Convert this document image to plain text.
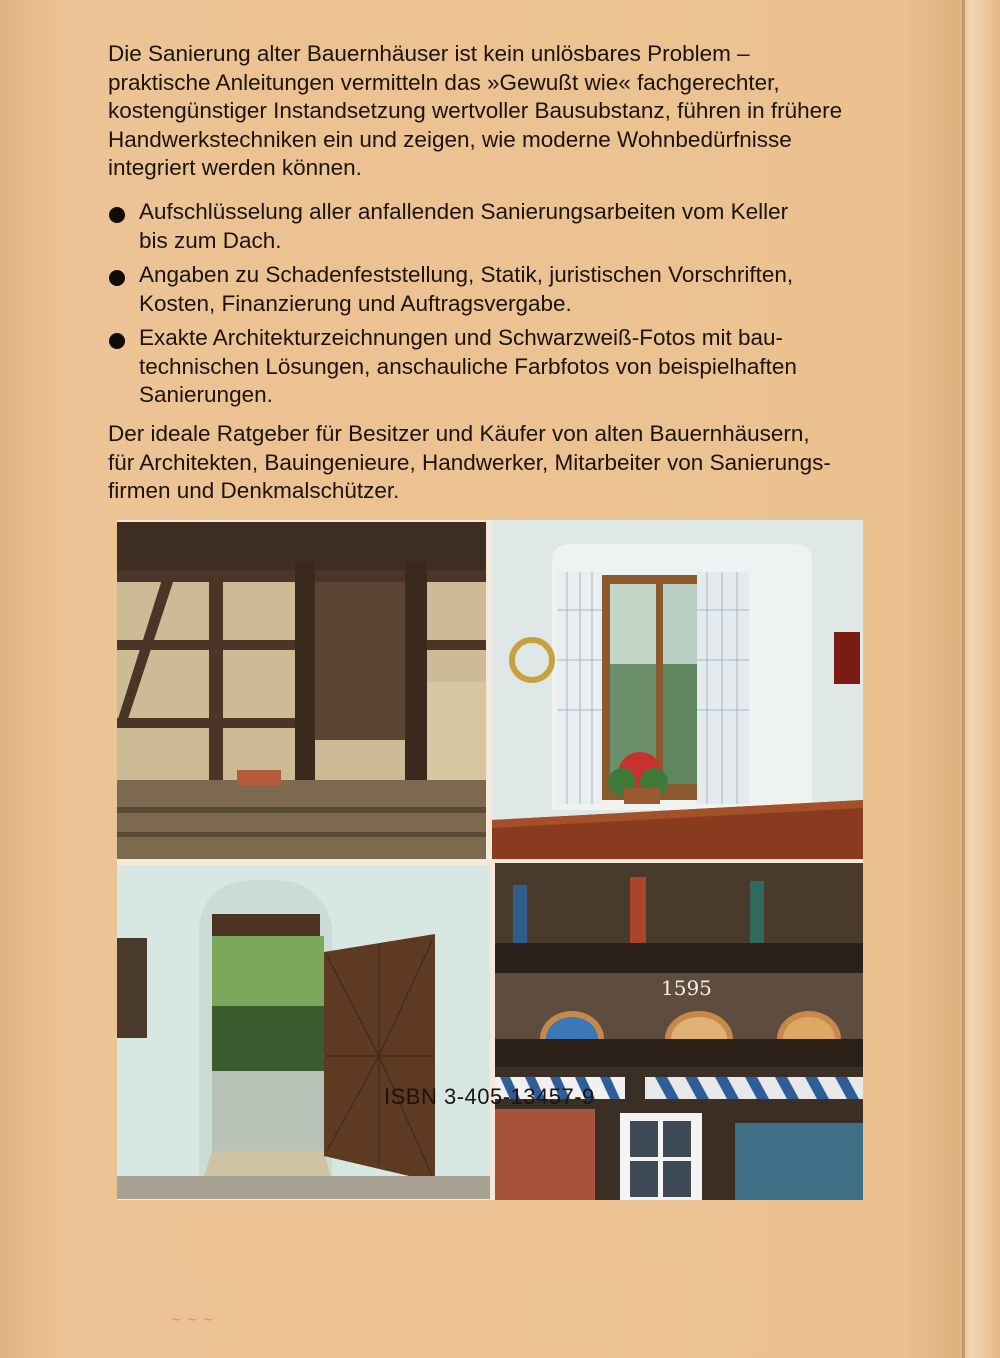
Die Sanierung alter Bauernhäuser ist kein unlösbares Problem –
praktische Anleitungen vermitteln das »Gewußt wie« fachgerechter,
kostengünstiger Instandsetzung wertvoller Bausubstanz, führen in frühere
Handwerkstechniken ein und zeigen, wie moderne Wohnbedürfnisse
integriert werden können.

Aufschlüsselung aller anfallenden Sanierungsarbeiten vom Keller
bis zum Dach.
Angaben zu Schadenfeststellung, Statik, juristischen Vorschriften,
Kosten, Finanzierung und Auftragsvergabe.
Exakte Architekturzeichnungen und Schwarzweiß-Fotos mit bau-
technischen Lösungen, anschauliche Farbfotos von beispielhaften
Sanierungen.

Der ideale Ratgeber für Besitzer und Käufer von alten Bauernhäusern,
für Architekten, Bauingenieure, Handwerker, Mitarbeiter von Sanierungs-
firmen und Denkmalschützer.

1595

ISBN 3-405-13457-9

~ ~ ~
